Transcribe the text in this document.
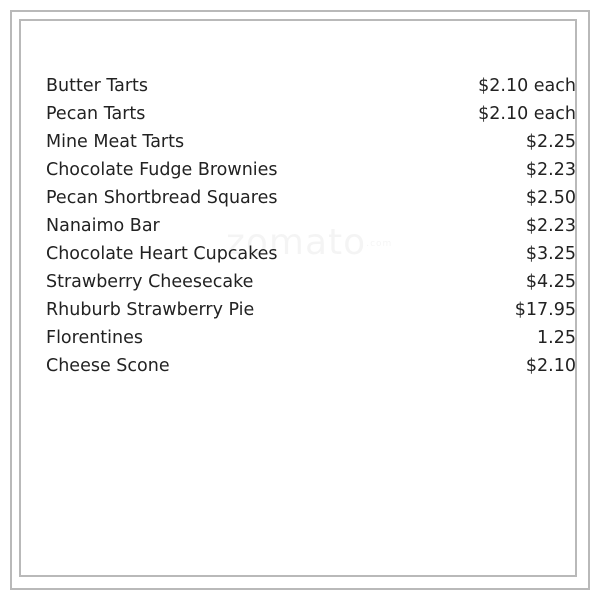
Butter Tarts	$2.10 each
Pecan Tarts	$2.10 each
Mine Meat Tarts	$2.25
Chocolate Fudge Brownies	$2.23
Pecan Shortbread Squares	$2.50
Nanaimo Bar	$2.23
Chocolate Heart Cupcakes	$3.25
Strawberry Cheesecake	$4.25
Rhuburb Strawberry Pie	$17.95
Florentines	1.25
Cheese Scone	$2.10
